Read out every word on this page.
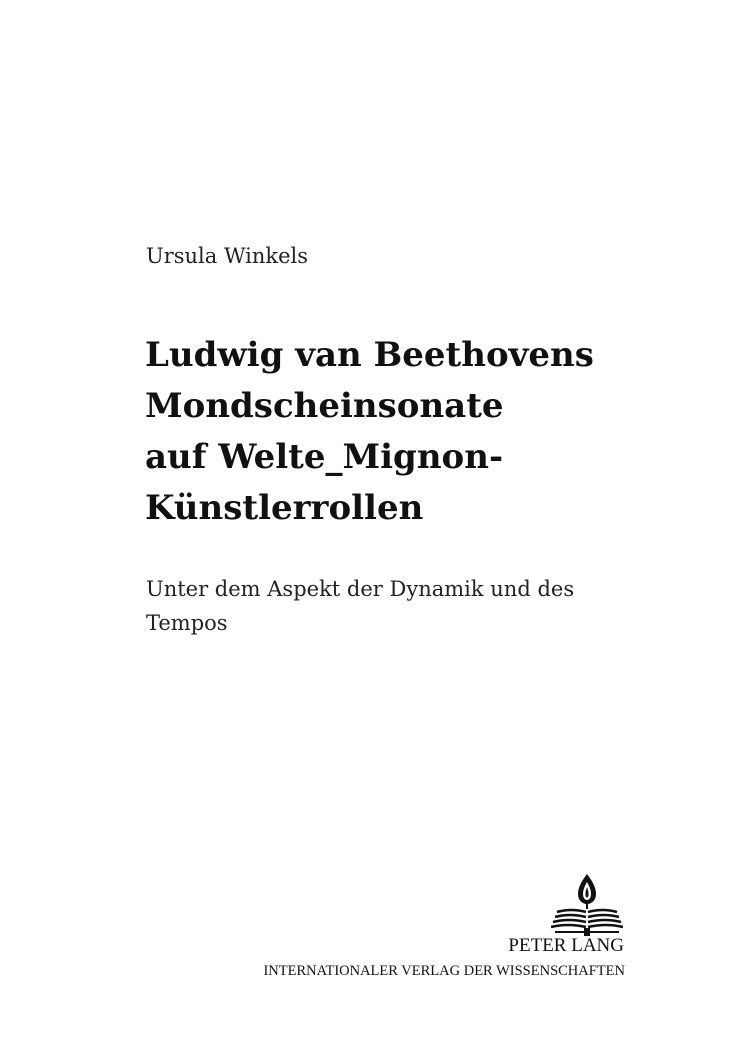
Ursula Winkels
Ludwig van Beethovens
Mondscheinsonate
auf Welte_Mignon-
Künstlerrollen
Unter dem Aspekt der Dynamik und des
Tempos
PETER LANG
INTERNATIONALER VERLAG DER WISSENSCHAFTEN
